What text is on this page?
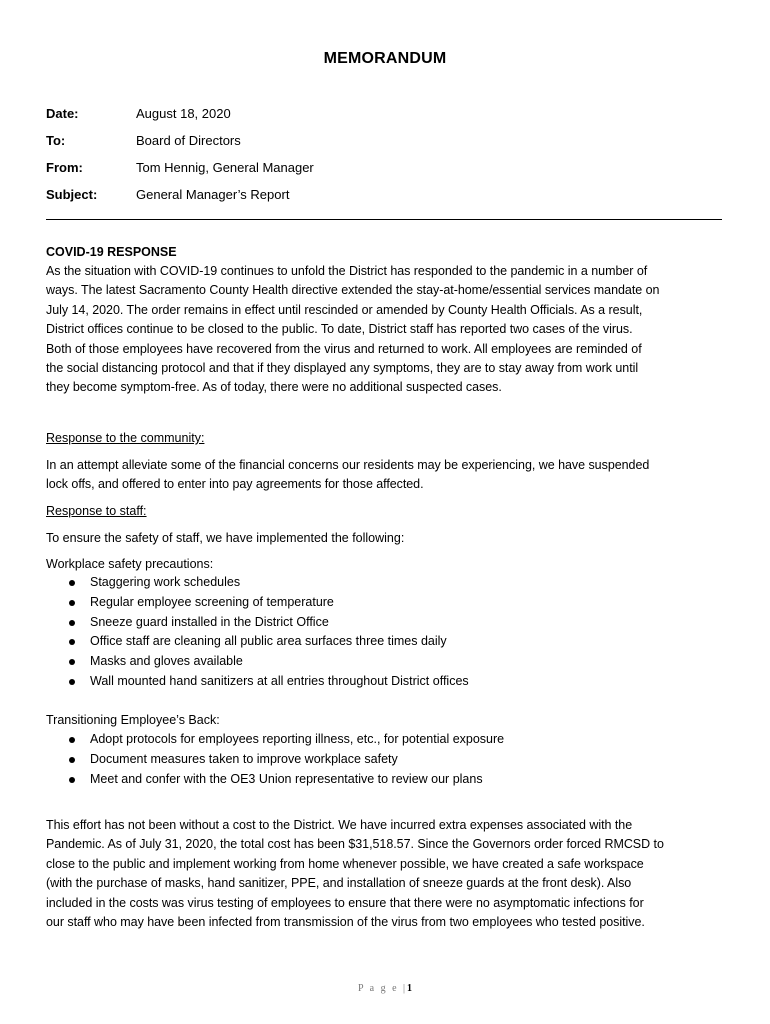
MEMORANDUM
Date:	August 18, 2020
To:	Board of Directors
From:	Tom Hennig, General Manager
Subject:	General Manager’s Report
COVID-19 RESPONSE
As the situation with COVID-19 continues to unfold the District has responded to the pandemic in a number of
ways. The latest Sacramento County Health directive extended the stay-at-home/essential services mandate on
July 14, 2020. The order remains in effect until rescinded or amended by County Health Officials. As a result,
District offices continue to be closed to the public. To date, District staff has reported two cases of the virus.
Both of those employees have recovered from the virus and returned to work. All employees are reminded of
the social distancing protocol and that if they displayed any symptoms, they are to stay away from work until
they become symptom-free. As of today, there were no additional suspected cases.
Response to the community:
In an attempt alleviate some of the financial concerns our residents may be experiencing, we have suspended
lock offs, and offered to enter into pay agreements for those affected.
Response to staff:
To ensure the safety of staff, we have implemented the following:
Workplace safety precautions:
Staggering work schedules
Regular employee screening of temperature
Sneeze guard installed in the District Office
Office staff are cleaning all public area surfaces three times daily
Masks and gloves available
Wall mounted hand sanitizers at all entries throughout District offices
Transitioning Employee’s Back:
Adopt protocols for employees reporting illness, etc., for potential exposure
Document measures taken to improve workplace safety
Meet and confer with the OE3 Union representative to review our plans
This effort has not been without a cost to the District. We have incurred extra expenses associated with the
Pandemic. As of July 31, 2020, the total cost has been $31,518.57. Since the Governors order forced RMCSD to
close to the public and implement working from home whenever possible, we have created a safe workspace
(with the purchase of masks, hand sanitizer, PPE, and installation of sneeze guards at the front desk). Also
included in the costs was virus testing of employees to ensure that there were no asymptomatic infections for
our staff who may have been infected from transmission of the virus from two employees who tested positive.
P a g e |1
